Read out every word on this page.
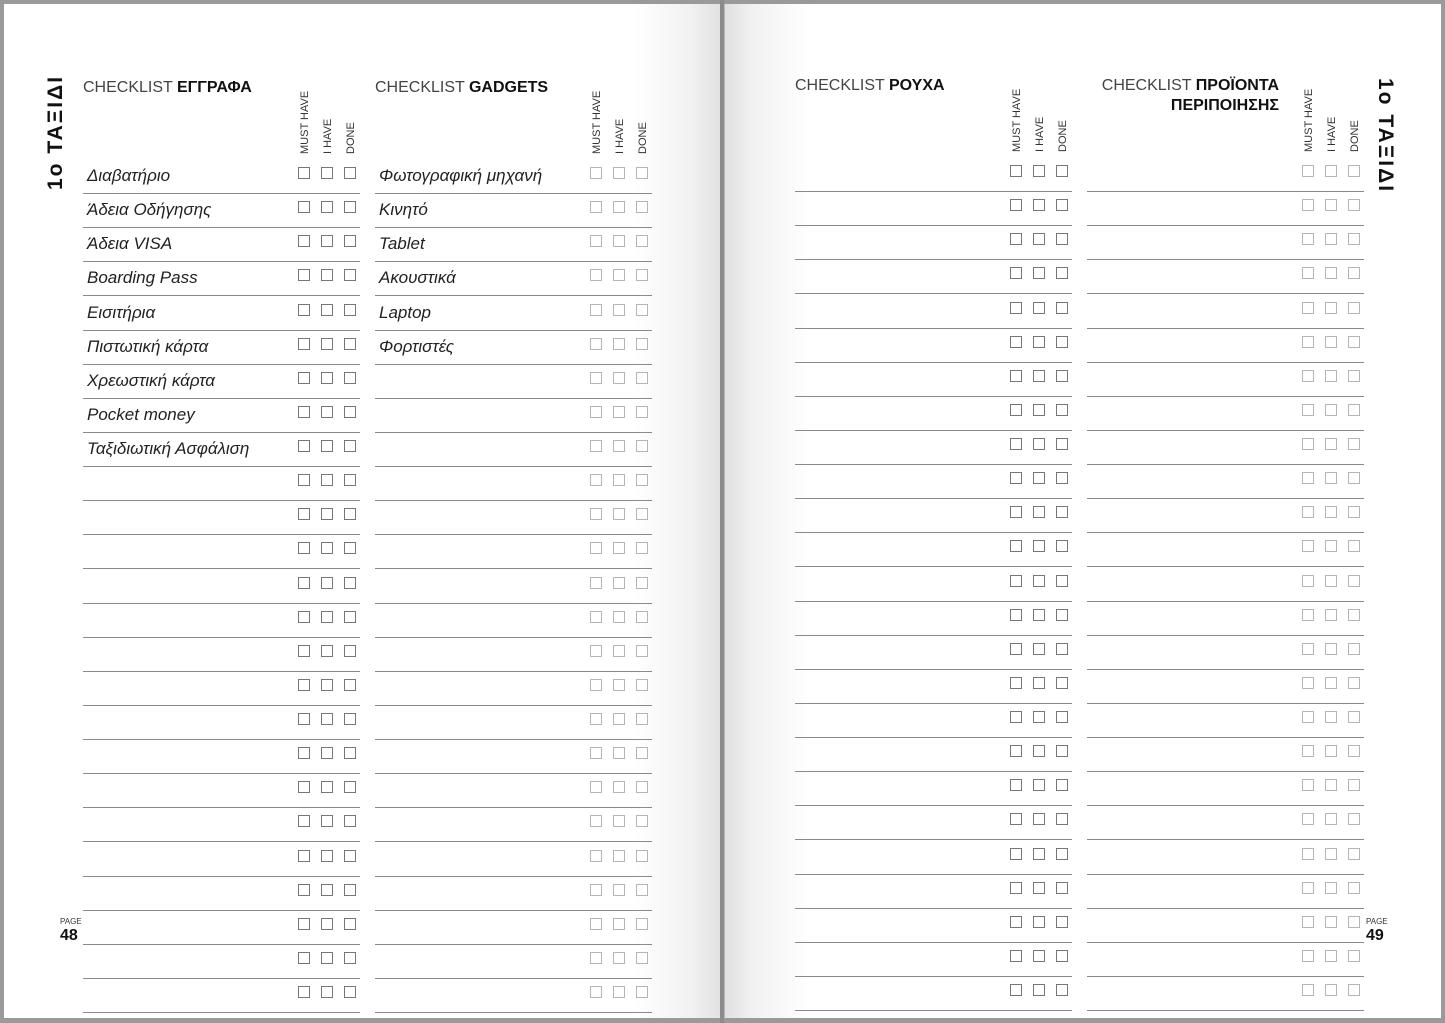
1ο ΤΑΞΙΔΙ	1ο ΤΑΞΙΔΙ
CHECKLIST ΕΓΓΡΑΦΑ
MUST HAVE I HAVE DONE
Διαβατήριο
Άδεια Οδήγησης
Άδεια VISA
Boarding Pass
Εισιτήρια
Πιστωτική κάρτα
Χρεωστική κάρτα
Pocket money
Ταξιδιωτική Ασφάλιση
CHECKLIST GADGETS
MUST HAVE I HAVE DONE
Φωτογραφική μηχανή
Κινητό
Tablet
Ακουστικά
Laptop
Φορτιστές
CHECKLIST ΡΟΥΧΑ
MUST HAVE I HAVE DONE
CHECKLIST ΠΡΟΪΟΝΤΑ ΠΕΡΙΠΟΙΗΣΗΣ MUST HAVE I HAVE DONE
PAGE
48
PAGE
49
